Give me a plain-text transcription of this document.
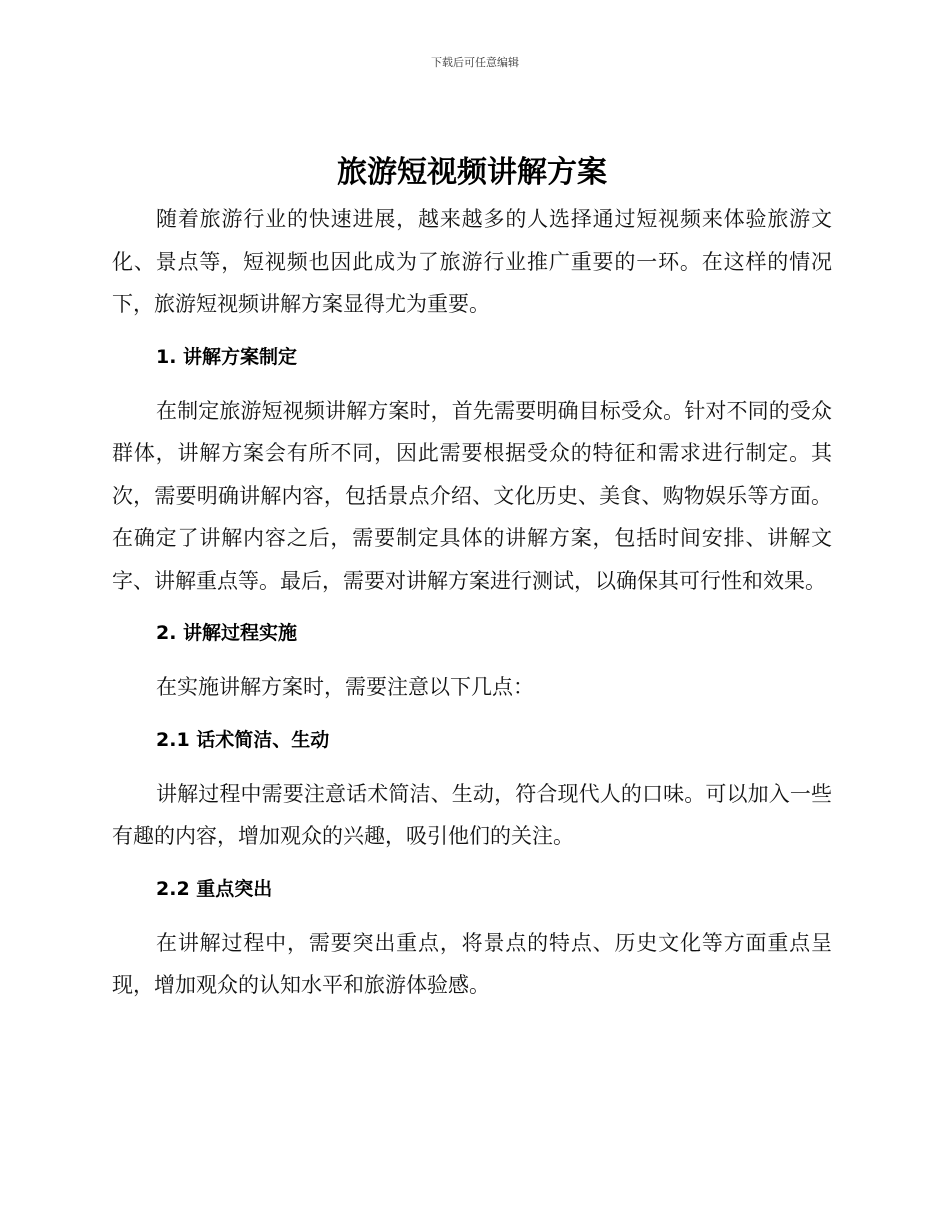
下载后可任意编辑
旅游短视频讲解方案

随着旅游行业的快速进展，越来越多的人选择通过短视频来体验旅游文化、景点等，短视频也因此成为了旅游行业推广重要的一环。在这样的情况下，旅游短视频讲解方案显得尤为重要。

1. 讲解方案制定

在制定旅游短视频讲解方案时，首先需要明确目标受众。针对不同的受众群体，讲解方案会有所不同，因此需要根据受众的特征和需求进行制定。其次，需要明确讲解内容，包括景点介绍、文化历史、美食、购物娱乐等方面。在确定了讲解内容之后，需要制定具体的讲解方案，包括时间安排、讲解文字、讲解重点等。最后，需要对讲解方案进行测试，以确保其可行性和效果。

2. 讲解过程实施

在实施讲解方案时，需要注意以下几点：

2.1 话术简洁、生动

讲解过程中需要注意话术简洁、生动，符合现代人的口味。可以加入一些有趣的内容，增加观众的兴趣，吸引他们的关注。

2.2 重点突出

在讲解过程中，需要突出重点，将景点的特点、历史文化等方面重点呈现，增加观众的认知水平和旅游体验感。
